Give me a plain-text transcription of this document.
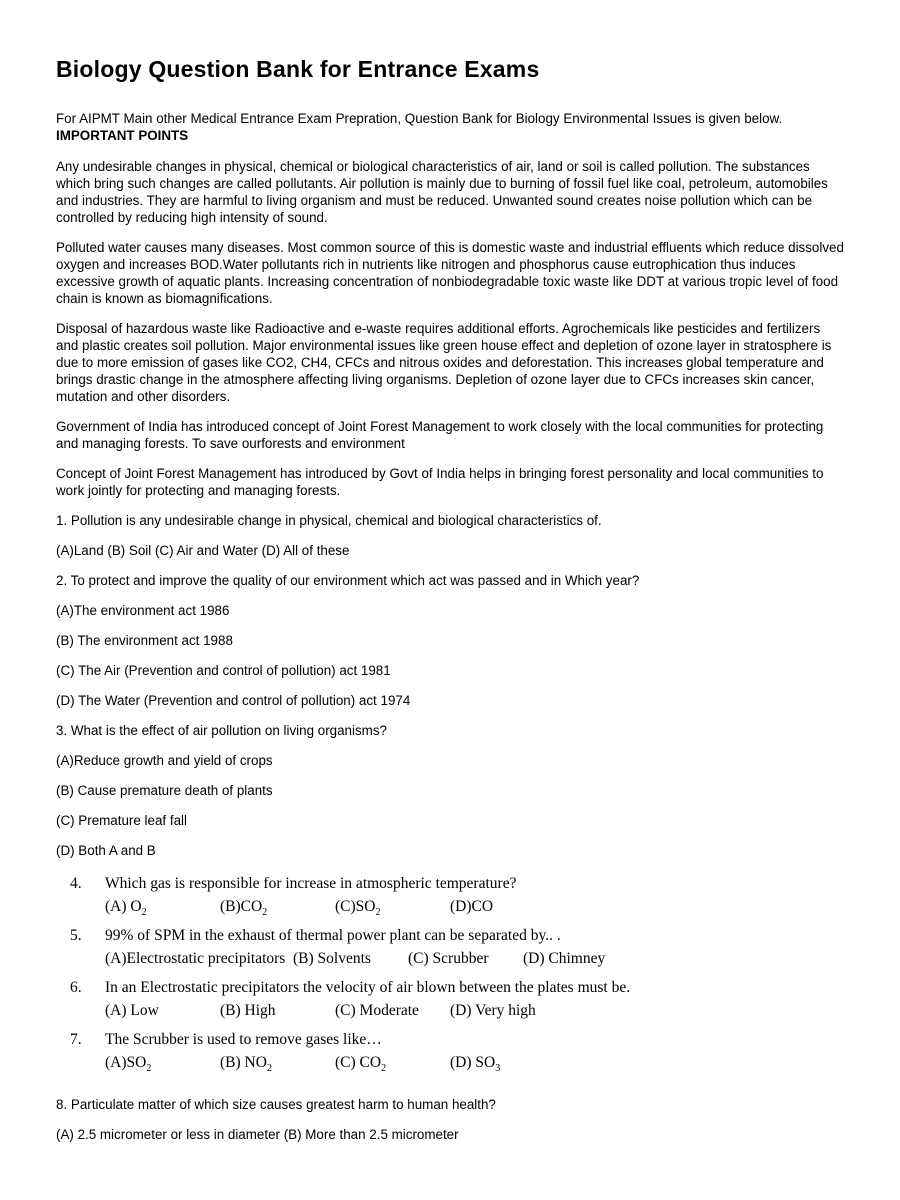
Biology Question Bank for Entrance Exams

For AIPMT Main other Medical Entrance Exam Prepration, Question Bank for Biology Environmental Issues is given below.
IMPORTANT POINTS

Any undesirable changes in physical, chemical or biological characteristics of air, land or soil is called pollution. The substances which bring such changes are called pollutants. Air pollution is mainly due to burning of fossil fuel like coal, petroleum, automobiles and industries. They are harmful to living organism and must be reduced. Unwanted sound creates noise pollution which can be controlled by reducing high intensity of sound.

Polluted water causes many diseases. Most common source of this is domestic waste and industrial effluents which reduce dissolved oxygen and increases BOD.Water pollutants rich in nutrients like nitrogen and phosphorus cause eutrophication thus induces excessive growth of aquatic plants. Increasing concentration of nonbiodegradable toxic waste like DDT at various tropic level of food chain is known as biomagnifications.

Disposal of hazardous waste like Radioactive and e-waste requires additional efforts. Agrochemicals like pesticides and fertilizers and plastic creates soil pollution. Major environmental issues like green house effect and depletion of ozone layer in stratosphere is due to more emission of gases like CO2, CH4, CFCs and nitrous oxides and deforestation. This increases global temperature and brings drastic change in the atmosphere affecting living organisms. Depletion of ozone layer due to CFCs increases skin cancer, mutation and other disorders.

Government of India has introduced concept of Joint Forest Management to work closely with the local communities for protecting and managing forests. To save ourforests and environment

Concept of Joint Forest Management has introduced by Govt of India helps in bringing forest personality and local communities to work jointly for protecting and managing forests.

1. Pollution is any undesirable change in physical, chemical and biological characteristics of.

(A)Land (B) Soil (C) Air and Water (D) All of these

2. To protect and improve the quality of our environment which act was passed and in Which year?

(A)The environment act 1986

(B) The environment act 1988

(C) The Air (Prevention and control of pollution) act 1981

(D) The Water (Prevention and control of pollution) act 1974

3. What is the effect of air pollution on living organisms?

(A)Reduce growth and yield of crops

(B) Cause premature death of plants

(C) Premature leaf fall

(D) Both A and B

4.	Which gas is responsible for increase in atmospheric temperature?
(A) $O_2$	$(B)CO_2$	$(C)SO_2$	(D)CO
5.	99% of SPM in the exhaust of thermal power plant can be separated by.. .
(A)Electrostatic precipitators (B) Solvents (C) Scrubber (D) Chimney
6.	In an Electrostatic precipitators the velocity of air blown between the plates must be.
(A) Low	(B) High	(C) Moderate (D) Very high
7.	The Scrubber is used to remove gases like…
$(A)SO_2$	(B) $NO_2$	(C) $CO_2$	(D) $SO_3$

8. Particulate matter of which size causes greatest harm to human health?

(A) 2.5 micrometer or less in diameter (B) More than 2.5 micrometer
